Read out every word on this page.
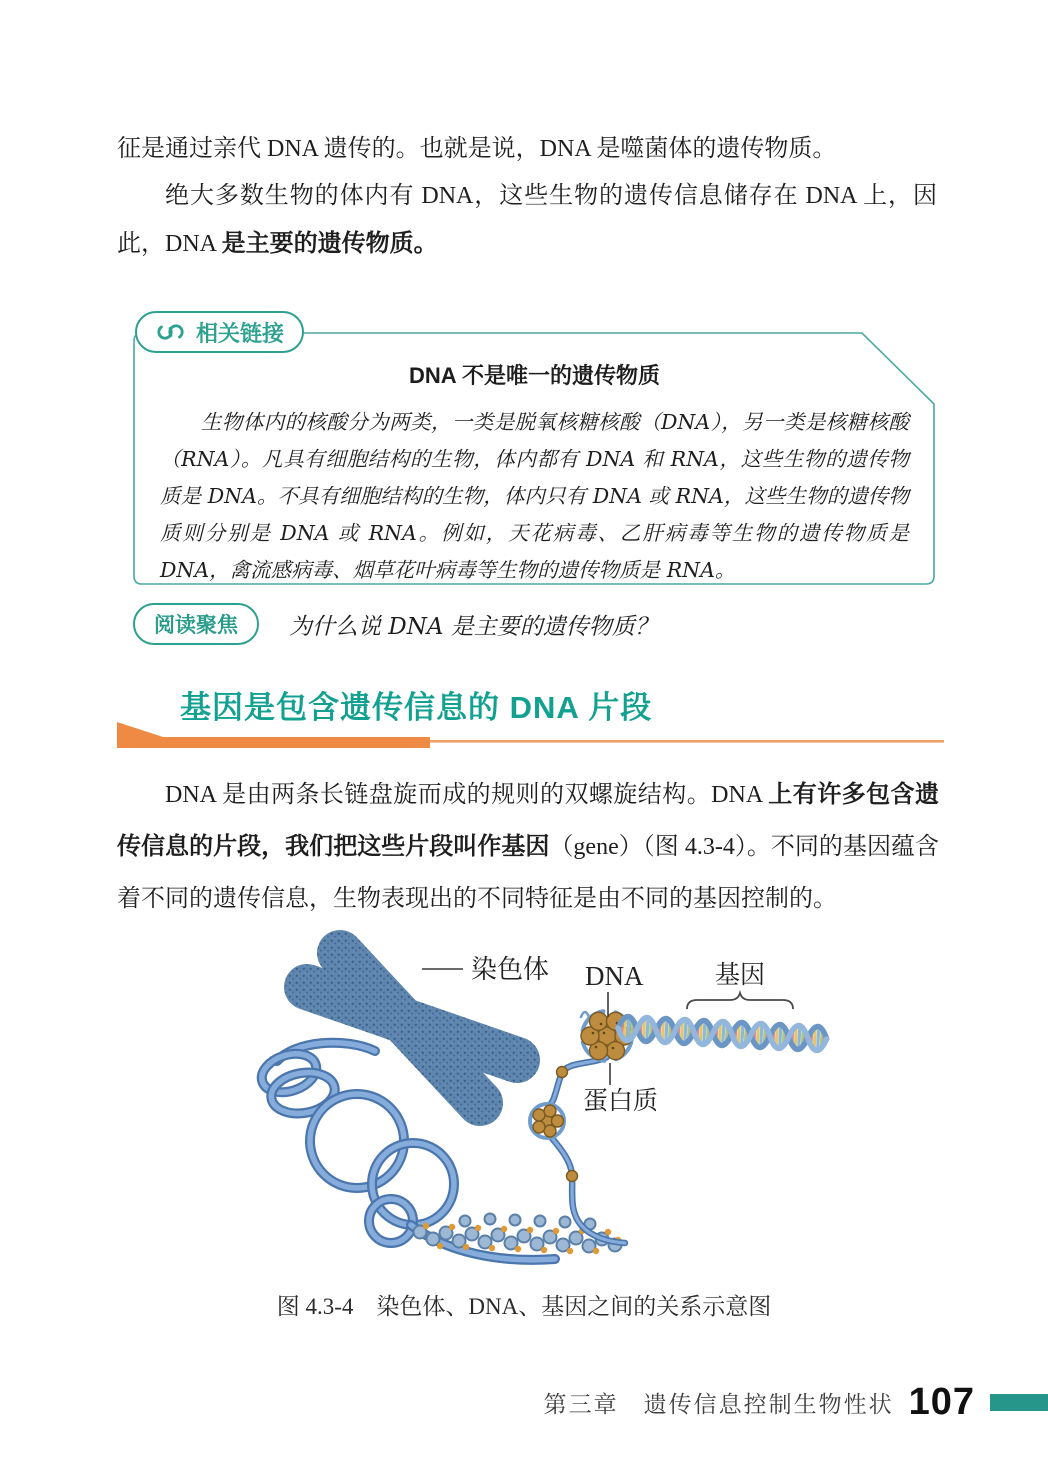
征是通过亲代 DNA 遗传的。也就是说，DNA 是噬菌体的遗传物质。

绝大多数生物的体内有 DNA，这些生物的遗传信息储存在 DNA 上，因此，DNA 是主要的遗传物质。

相关链接
DNA 不是唯一的遗传物质
生物体内的核酸分为两类，一类是脱氧核糖核酸（DNA），另一类是核糖核酸（RNA）。凡具有细胞结构的生物，体内都有 DNA 和 RNA，这些生物的遗传物质是 DNA。不具有细胞结构的生物，体内只有 DNA 或 RNA，这些生物的遗传物质则分别是 DNA 或 RNA。例如，天花病毒、乙肝病毒等生物的遗传物质是 DNA，禽流感病毒、烟草花叶病毒等生物的遗传物质是 RNA。
阅读聚焦	为什么说 DNA 是主要的遗传物质？
基因是包含遗传信息的 DNA 片段

DNA 是由两条长链盘旋而成的规则的双螺旋结构。DNA 上有许多包含遗传信息的片段，我们把这些片段叫作基因（gene）（图 4.3-4）。不同的基因蕴含着不同的遗传信息，生物表现出的不同特征是由不同的基因控制的。

染色体 DNA	基因
蛋白质
图 4.3-4　染色体、DNA、基因之间的关系示意图
第三章　遗传信息控制生物性状 107
